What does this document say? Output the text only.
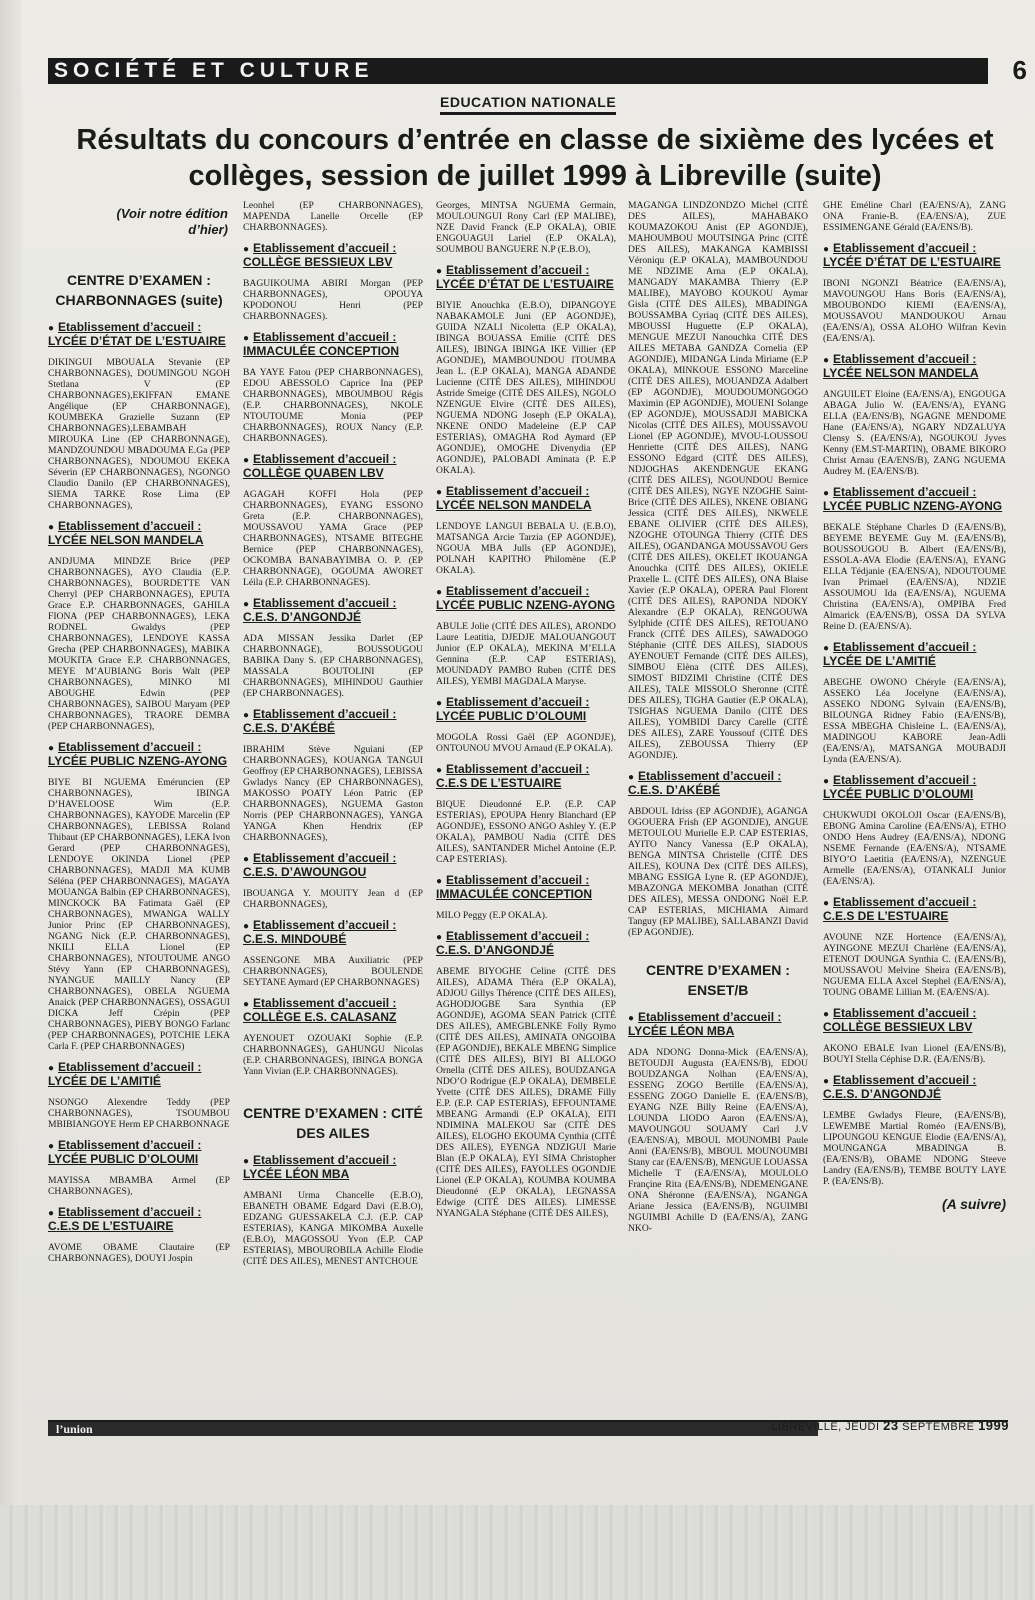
SOCIÉTÉ ET CULTURE	6
EDUCATION NATIONALE
Résultats du concours d’entrée en classe de sixième des lycées et collèges, session de juillet 1999 à Libreville (suite)
(Voir notre édition d’hier)
CENTRE D’EXAMEN : CHARBONNAGES (suite)
● Etablissement d’accueil :
LYCÉE D’ÉTAT DE L’ESTUAIRE
DIKINGUI MBOUALA Stevanie (EP CHARBONNAGES), DOUMINGOU NGOH Stetlana V (EP CHARBONNAGES),EKIFFAN EMANE Angélique (EP CHARBONNAGE), KOUMBEKA Grazielle Suzann (EP CHARBONNAGES),LEBAMBAH MIROUKA Line (EP CHARBONNAGE), MANDZOUNDOU MBADOUMA E.Ga (PEP CHARBONNAGES), NDOUMOU EKEKA Séverin (EP CHARBONNAGES), NGONGO Claudio Danilo (EP CHARBONNAGES), SIEMA TARKE Rose Lima (EP CHARBONNAGES),
● Etablissement d’accueil :
LYCÉE NELSON MANDELA
ANDJUMA MINDZE Brice (PEP CHARBONNAGES), AYO Claudia (E.P. CHARBONNAGES), BOURDETTE VAN Cherryl (PEP CHARBONNAGES), EPUTA Grace E.P. CHARBONNAGES, GAHILA FIONA (PEP CHARBONNAGES), LEKA RODNEL Gwaldys (PEP CHARBONNAGES), LENDOYE KASSA Grecha (PEP CHARBONNAGES), MABIKA MOUKITA Grace E.P. CHARBONNAGES, MEYE M’AUBIANG Boris Walt (PEP CHARBONNAGES), MINKO MI ABOUGHE Edwin (PEP CHARBONNAGES), SAIBOU Maryam (PEP CHARBONNAGES), TRAORE DEMBA (PEP CHARBONNAGES),
● Etablissement d’accueil :
LYCÉE PUBLIC NZENG-AYONG
BIYE BI NGUEMA Eméruncien (EP CHARBONNAGES), IBINGA D’HAVELOOSE Wim (E.P. CHARBONNAGES), KAYODE Marcelin (EP CHARBONNAGES), LEBISSA Roland Thibaut (EP CHARBONNAGES), LEKA Ivon Gerard (PEP CHARBONNAGES), LENDOYE OKINDA Lionel (PEP CHARBONNAGES), MADJI MA KUMB Séléna (PEP CHARBONNAGES), MAGAYA MOUANGA Balbin (EP CHARBONNAGES), MINCKOCK BA Fatimata Gaël (EP CHARBONNAGES), MWANGA WALLY Junior Princ (EP CHARBONNAGES), NGANG Nick (E.P. CHARBONNAGES), NKILI ELLA Lionel (EP CHARBONNAGES), NTOUTOUME ANGO Stévy Yann (EP CHARBONNAGES), NYANGUE MAILLY Nancy (EP CHARBONNAGES), OBELA NGUEMA Anaick (PEP CHARBONNAGES), OSSAGUI DICKA Jeff Crépin (PEP CHARBONNAGES), PIEBY BONGO Farlanc (PEP CHARBONNAGES), POTCHIE LEKA Carla F. (PEP CHARBONNAGES)
● Etablissement d’accueil :
LYCÉE DE L’AMITIÉ
NSONGO Alexendre Teddy (PEP CHARBONNAGES), TSOUMBOU MBIBIANGOYE Herm EP CHARBONNAGE
● Etablissement d’accueil :
LYCÉE PUBLIC D’OLOUMI
MAYISSA MBAMBA Armel (EP CHARBONNAGES),
● Etablissement d’accueil :
C.E.S DE L’ESTUAIRE
AVOME OBAME Clautaire (EP CHARBONNAGES), DOUYI Jospin
Leonhel (EP CHARBONNAGES), MAPENDA Lanelle Orcelle (EP CHARBONNAGES).
● Etablissement d’accueil :
COLLÈGE BESSIEUX LBV
BAGUIKOUMA ABIRI Morgan (PEP CHARBONNAGES), OPOUYA KPODONOU Henri (PEP CHARBONNAGES).
● Etablissement d’accueil :
IMMACULÉE CONCEPTION
BA YAYE Fatou (PEP CHARBONNAGES), EDOU ABESSOLO Caprice Ina (PEP CHARBONNAGES), MBOUMBOU Régis (E.P. CHARBONNAGES), NKOLE NTOUTOUME Monia (PEP CHARBONNAGES), ROUX Nancy (E.P. CHARBONNAGES).
● Etablissement d’accueil :
COLLÈGE QUABEN LBV
AGAGAH KOFFI Hola (PEP CHARBONNAGES), EYANG ESSONO Greta (E.P. CHARBONNAGES), MOUSSAVOU YAMA Grace (PEP CHARBONNAGES), NTSAME BITEGHE Bernice (PEP CHARBONNAGES), OCKOMBA BANABAYIMBA O. P. (EP CHARBONNAGE), OGOUMA AWORET Léila (E.P. CHARBONNAGES).
● Etablissement d’accueil :
C.E.S. D’ANGONDJÉ
ADA MISSAN Jessika Darlet (EP CHARBONNAGE), BOUSSOUGOU BABIKA Dany S. (EP CHARBONNAGES), MASSALA BOUTOLINI (EP CHARBONNAGES), MIHINDOU Gauthier (EP CHARBONNAGES).
● Etablissement d’accueil :
C.E.S. D’AKÉBÉ
IBRAHIM Stève Nguiani (EP CHARBONNAGES), KOUANGA TANGUI Geoffroy (EP CHARBONNAGES), LEBISSA Gwladys Nancy (EP CHARBONNAGES), MAKOSSO POATY Léon Patric (EP CHARBONNAGES), NGUEMA Gaston Norris (PEP CHARBONNAGES), YANGA YANGA Khen Hendrix (EP CHARBONNAGES),
● Etablissement d’accueil :
C.E.S. D’AWOUNGOU
IBOUANGA Y. MOUITY Jean d (EP CHARBONNAGES),
● Etablissement d’accueil :
C.E.S. MINDOUBÉ
ASSENGONE MBA Auxiliatric (PEP CHARBONNAGES), BOULENDE SEYTANE Aymard (EP CHARBONNAGES)
● Etablissement d’accueil :
COLLÈGE E.S. CALASANZ
AYENOUET OZOUAKI Sophie (E.P. CHARBONNAGES), GAHUNGU Nicolas (E.P. CHARBONNAGES), IBINGA BONGA Yann Vivian (E.P. CHARBONNAGES).
CENTRE D’EXAMEN : CITÉ DES AILES
● Etablissement d’accueil :
LYCÉE LÉON MBA
AMBANI Urma Chancelle (E.B.O), EBANETH OBAME Edgard Davi (E.B.O), EDZANG GUESSAKELA C.J. (E.P. CAP ESTERIAS), KANGA MIKOMBA Auxelle (E.B.O), MAGOSSOU Yvon (E.P. CAP ESTERIAS), MBOUROBILA Achille Elodie (CITÉ DES AILES), MENEST ANTCHOUE
Georges, MINTSA NGUEMA Germain, MOULOUNGUI Rony Carl (EP MALIBE), NZE David Franck (E.P OKALA), OBIE ENGOUAGUI Lariel (E.P OKALA), SOUMBOU BANGUERE N.P (E.B.O),
● Etablissement d’accueil :
LYCÉE D’ÉTAT DE L’ESTUAIRE
BIYIE Anouchka (E.B.O), DIPANGOYE NABAKAMOLE Juni (EP AGONDJE), GUIDA NZALI Nicoletta (E.P OKALA), IBINGA BOUASSA Emilie (CITÉ DES AILES), IBINGA IBINGA IKE Villier (EP AGONDJE), MAMBOUNDOU ITOUMBA Jean L. (E.P OKALA), MANGA ADANDE Lucienne (CITÉ DES AILES), MIHINDOU Astride Smeige (CITÉ DES AILES), NGOLO NZENGUE Elvire (CITÉ DES AILES), NGUEMA NDONG Joseph (E.P OKALA), NKENE ONDO Madeleine (E.P CAP ESTERIAS), OMAGHA Rod Aymard (EP AGONDJE), OMOGHE Divenydia (EP AGONDJE), PALOBADI Aminata (P. E.P OKALA).
● Etablissement d’accueil :
LYCÉE NELSON MANDELA
LENDOYE LANGUI BEBALA U. (E.B.O), MATSANGA Arcie Tarzia (EP AGONDJE), NGOUA MBA Julls (EP AGONDJE), POLNAH KAPITHO Philomène (E.P OKALA).
● Etablissement d’accueil :
LYCÉE PUBLIC NZENG-AYONG
ABULE Jolie (CITÉ DES AILES), ARONDO Laure Leatitia, DJEDJE MALOUANGOUT Junior (E.P OKALA), MEKINA M’ELLA Gennina (E.P. CAP ESTERIAS), MOUNDADY PAMBO Ruben (CITÉ DES AILES), YEMBI MAGDALA Maryse.
● Etablissement d’accueil :
LYCÉE PUBLIC D’OLOUMI
MOGOLA Rossi Gaël (EP AGONDJE), ONTOUNOU MVOU Arnaud (E.P OKALA).
● Etablissement d’accueil :
C.E.S DE L’ESTUAIRE
BIQUE Dieudonné E.P. (E.P. CAP ESTERIAS), EPOUPA Henry Blanchard (EP AGONDJE), ESSONO ANGO Ashley Y. (E.P OKALA), PAMBOU Nadia (CITÉ DES AILES), SANTANDER Michel Antoine (E.P. CAP ESTERIAS).
● Etablissement d’accueil :
IMMACULÉE CONCEPTION
MILO Peggy (E.P OKALA).
● Etablissement d’accueil :
C.E.S. D’ANGONDJÉ
ABEME BIYOGHE Celine (CITÉ DES AILES), ADAMA Théra (E.P OKALA), ADJOU Gillys Thérence (CITÉ DES AILES), AGHODJOGBE Sara Synthia (EP AGONDJE), AGOMA SEAN Patrick (CITÉ DES AILES), AMEGBLENKE Folly Rymo (CITÉ DES AILES), AMINATA ONGOIBA (EP AGONDJE), BEKALE MBENG Simplice (CITÉ DES AILES), BIYI BI ALLOGO Ornella (CITÉ DES AILES), BOUDZANGA NDO’O Rodrigue (E.P OKALA), DEMBELE Yvette (CITÉ DES AILES), DRAME Filly E.P. (E.P. CAP ESTERIAS), EFFOUNTAME MBEANG Armandi (E.P OKALA), EITI NDIMINA MALEKOU Sar (CITÉ DES AILES), ELOGHO EKOUMA Cynthia (CITÉ DES AILES), EYENGA NDZIGUI Marie Blan (E.P OKALA), EYI SIMA Christopher (CITÉ DES AILES), FAYOLLES OGONDJE Lionel (E.P OKALA), KOUMBA KOUMBA Dieudonné (E.P OKALA), LEGNASSA Edwige (CITÉ DES AILES). LIMESSE NYANGALA Stéphane (CITÉ DES AILES),
MAGANGA LINDZONDZO Michel (CITÉ DES AILES), MAHABAKO KOUMAZOKOU Anist (EP AGONDJE), MAHOUMBOU MOUTSINGA Princ (CITÉ DES AILES), MAKANGA KAMBISSI Véroniqu (E.P OKALA), MAMBOUNDOU ME NDZIME Arna (E.P OKALA), MANGADY MAKAMBA Thierry (E.P MALIBE), MAYOBO KOUKOU Aymar Gisla (CITÉ DES AILES), MBADINGA BOUSSAMBA Cyriaq (CITÉ DES AILES), MBOUSSI Huguette (E.P OKALA), MENGUE MEZUI Nanouchka CITÉ DES AILES METABA GANDZA Cornelia (EP AGONDJE), MIDANGA Linda Miriame (E.P OKALA), MINKOUE ESSONO Marceline (CITÉ DES AILES), MOUANDZA Adalbert (EP AGONDJE), MOUDOUMONGOGO Maximin (EP AGONDJE), MOUENI Solange (EP AGONDJE), MOUSSADJI MABICKA Nicolas (CITÉ DES AILES), MOUSSAVOU Lionel (EP AGONDJE), MVOU-LOUSSOU Henriette (CITÉ DES AILES), NANG ESSONO Edgard (CITÉ DES AILES), NDJOGHAS AKENDENGUE EKANG (CITÉ DES AILES), NGOUNDOU Bernice (CITÉ DES AILES), NGYE NZOGHE Saint-Brice (CITÉ DES AILES), NKENE OBIANG Jessica (CITÉ DES AILES), NKWELE EBANE OLIVIER (CITÉ DES AILES), NZOGHE OTOUNGA Thierry (CITÉ DES AILES), OGANDANGA MOUSSAVOU Gers (CITÉ DES AILES), OKELET IKOUANGA Anouchka (CITÉ DES AILES), OKIELE Praxelle L. (CITÉ DES AILES), ONA Blaise Xavier (E.P OKALA), OPERA Paul Florent (CITÉ DES AILES), RAPONDA NDOKY Alexandre (E.P OKALA), RENGOUWA Sylphide (CITÉ DES AILES), RETOUANO Franck (CITÉ DES AILES), SAWADOGO Stéphanie (CITÉ DES AILES), SIADOUS AYENOUET Fernande (CITÉ DES AILES), SIMBOU Elèna (CITÉ DES AILES), SIMOST BIDZIMI Christine (CITÉ DES AILES), TALE MISSOLO Sheronne (CITÉ DES AILES), TIGHA Gautier (E.P OKALA), TSIGHAS NGUEMA Danilo (CITÉ DES AILES), YOMBIDI Darcy Carelle (CITÉ DES AILES), ZARE Youssouf (CITÉ DES AILES), ZEBOUSSA Thierry (EP AGONDJE).
● Etablissement d’accueil :
C.E.S. D’AKÉBÉ
ABDOUL Idriss (EP AGONDJE), AGANGA OGOUERA Frish (EP AGONDJE), ANGUE METOULOU Murielle E.P. CAP ESTERIAS, AYITO Nancy Vanessa (E.P OKALA), BENGA MINTSA Christelle (CITÉ DES AILES), KOUNA Dex (CITÉ DES AILES), MBANG ESSIGA Lyne R. (EP AGONDJE), MBAZONGA MEKOMBA Jonathan (CITÉ DES AILES), MESSA ONDONG Noël E.P. CAP ESTERIAS, MICHIAMA Aimard Tanguy (EP MALIBE), SALLABANZI David (EP AGONDJE).
CENTRE D’EXAMEN : ENSET/B
● Etablissement d’accueil :
LYCÉE LÉON MBA
ADA NDONG Donna-Mick (EA/ENS/A), BETOUDJI Augusta (EA/ENS/B), EDOU BOUDZANGA Nolhan (EA/ENS/A), ESSENG ZOGO Bertille (EA/ENS/A), ESSENG ZOGO Danielle E. (EA/ENS/B), EYANG NZE Billy Reine (EA/ENS/A), LOUNDA LIODO Aaron (EA/ENS/A), MAVOUNGOU SOUAMY Carl J.V (EA/ENS/A), MBOUL MOUNOMBI Paule Anni (EA/ENS/B), MBOUL MOUNOUMBI Stany car (EA/ENS/B), MENGUE LOUASSA Michelle T (EA/ENS/A), MOULOLO Françine Rita (EA/ENS/B), NDEMENGANE ONA Shéronne (EA/ENS/A), NGANGA Ariane Jessica (EA/ENS/B), NGUIMBI NGUIMBI Achille D (EA/ENS/A), ZANG NKO-
GHE Eméline Charl (EA/ENS/A), ZANG ONA Franie-B. (EA/ENS/A), ZUE ESSIMENGANE Gérald (EA/ENS/B).
● Etablissement d’accueil :
LYCÉE D’ÉTAT DE L’ESTUAIRE
IBONI NGONZI Béatrice (EA/ENS/A), MAVOUNGOU Hans Boris (EA/ENS/A), MBOUBONDO KIEMI (EA/ENS/A), MOUSSAVOU MANDOUKOU Arnau (EA/ENS/A), OSSA ALOHO Wilfran Kevin (EA/ENS/A).
● Etablissement d’accueil :
LYCÉE NELSON MANDELA
ANGUILET Eloine (EA/ENS/A), ENGOUGA ABAGA Julio W. (EA/ENS/A), EYANG ELLA (EA/ENS/B), NGAGNE MENDOME Hane (EA/ENS/A), NGARY NDZALUYA Clensy S. (EA/ENS/A), NGOUKOU Jyves Kenny (EM.ST-MARTIN), OBAME BIKORO Christ Arnau (EA/ENS/B), ZANG NGUEMA Audrey M. (EA/ENS/B).
● Etablissement d’accueil :
LYCÉE PUBLIC NZENG-AYONG
BEKALE Stéphane Charles D (EA/ENS/B), BEYEME BEYEME Guy M. (EA/ENS/B), BOUSSOUGOU B. Albert (EA/ENS/B), ESSOLA-AVA Elodie (EA/ENS/A), EYANG ELLA Tédjanie (EA/ENS/A), NDOUTOUME Ivan Primael (EA/ENS/A), NDZIE ASSOUMOU Ida (EA/ENS/A), NGUEMA Christina (EA/ENS/A), OMPIBA Fred Almarick (EA/ENS/B), OSSA DA SYLVA Reine D. (EA/ENS/A).
● Etablissement d’accueil :
LYCÉE DE L’AMITIÉ
ABEGHE OWONO Chéryle (EA/ENS/A), ASSEKO Léa Jocelyne (EA/ENS/A), ASSEKO NDONG Sylvain (EA/ENS/B), BILOUNGA Ridney Fabio (EA/ENS/B), ESSA MBEGHA Chisleine L. (EA/ENS/A), MADINGOU KABORE Jean-Adli (EA/ENS/A), MATSANGA MOUBADJI Lynda (EA/ENS/A).
● Etablissement d’accueil :
LYCÉE PUBLIC D’OLOUMI
CHUKWUDI OKOLOJI Oscar (EA/ENS/B), EBONG Amina Caroline (EA/ENS/A), ETHO ONDO Hens Audrey (EA/ENS/A), NDONG NSEME Fernande (EA/ENS/A), NTSAME BIYO’O Laetitia (EA/ENS/A), NZENGUE Armelle (EA/ENS/A), OTANKALI Junior (EA/ENS/A).
● Etablissement d’accueil :
C.E.S DE L’ESTUAIRE
AVOUNE NZE Hortence (EA/ENS/A), AYINGONE MEZUI Charlène (EA/ENS/A), ETENOT DOUNGA Synthia C. (EA/ENS/B), MOUSSAVOU Melvine Sheira (EA/ENS/B), NGUEMA ELLA Axcel Stephel (EA/ENS/A), TOUNG OBAME Lillian M. (EA/ENS/A).
● Etablissement d’accueil :
COLLÈGE BESSIEUX LBV
AKONO EBALE Ivan Lionel (EA/ENS/B), BOUYI Stella Céphise D.R. (EA/ENS/B).
● Etablissement d’accueil :
C.E.S. D’ANGONDJÉ
LEMBE Gwladys Fleure, (EA/ENS/B), LEWEMBE Martial Roméo (EA/ENS/B), LIPOUNGOU KENGUE Elodie (EA/ENS/A), MOUNGANGA MBADINGA B. (EA/ENS/B), OBAME NDONG Steeve Landry (EA/ENS/B), TEMBE BOUTY LAYE P. (EA/ENS/B).
(A suivre)
l’union	LIBREVILLE, JEUDI 23 SEPTEMBRE 1999
